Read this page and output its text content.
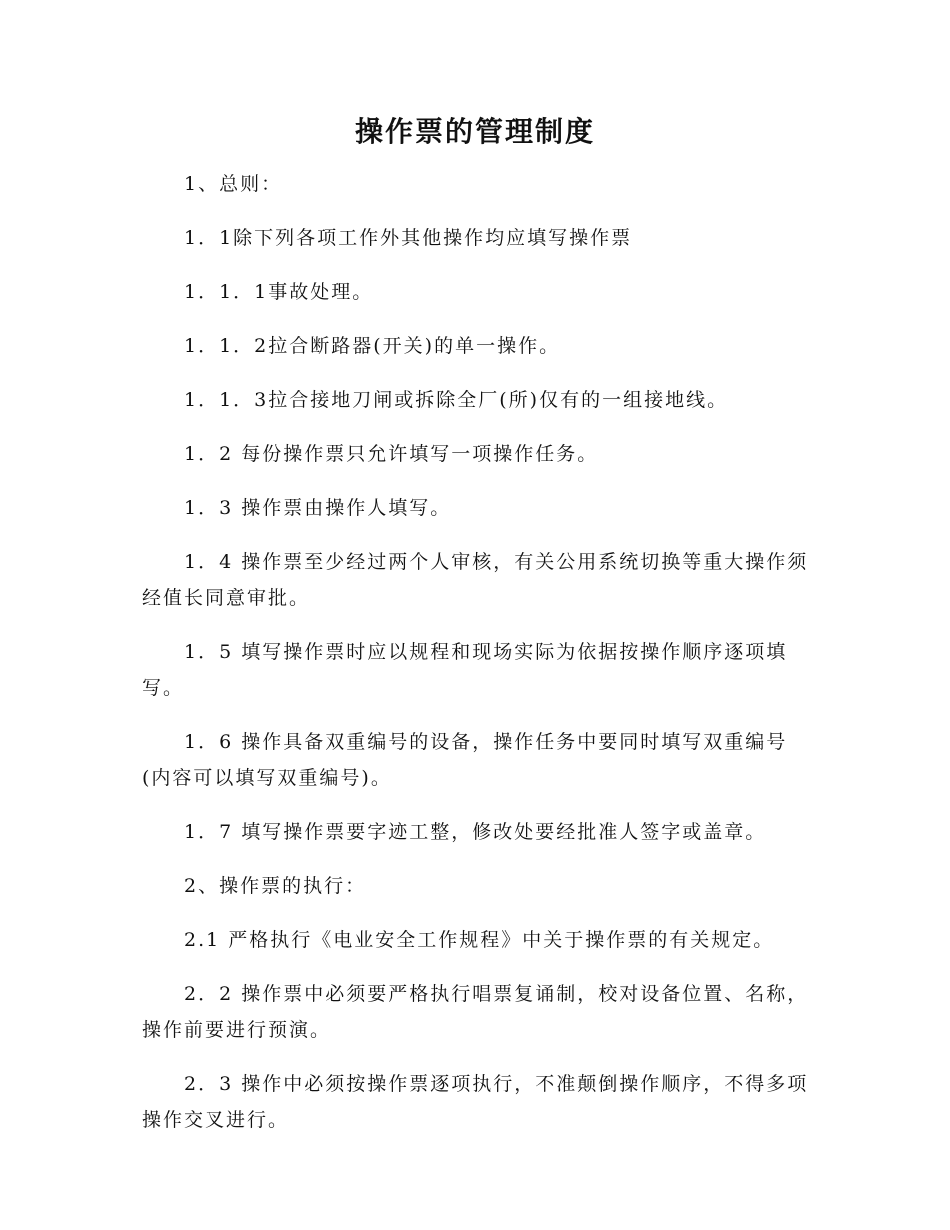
操作票的管理制度

1、总则：

1．1除下列各项工作外其他操作均应填写操作票

1．1．1事故处理。

1．1．2拉合断路器(开关)的单一操作。

1．1．3拉合接地刀闸或拆除全厂(所)仅有的一组接地线。

1．2 每份操作票只允许填写一项操作任务。

1．3 操作票由操作人填写。

1．4 操作票至少经过两个人审核，有关公用系统切换等重大操作须经值长同意审批。

1．5 填写操作票时应以规程和现场实际为依据按操作顺序逐项填写。

1．6 操作具备双重编号的设备，操作任务中要同时填写双重编号(内容可以填写双重编号)。

1．7 填写操作票要字迹工整，修改处要经批准人签字或盖章。

2、操作票的执行：

2.1 严格执行《电业安全工作规程》中关于操作票的有关规定。

2．2 操作票中必须要严格执行唱票复诵制，校对设备位置、名称，操作前要进行预演。

2．3 操作中必须按操作票逐项执行，不准颠倒操作顺序，不得多项操作交叉进行。
